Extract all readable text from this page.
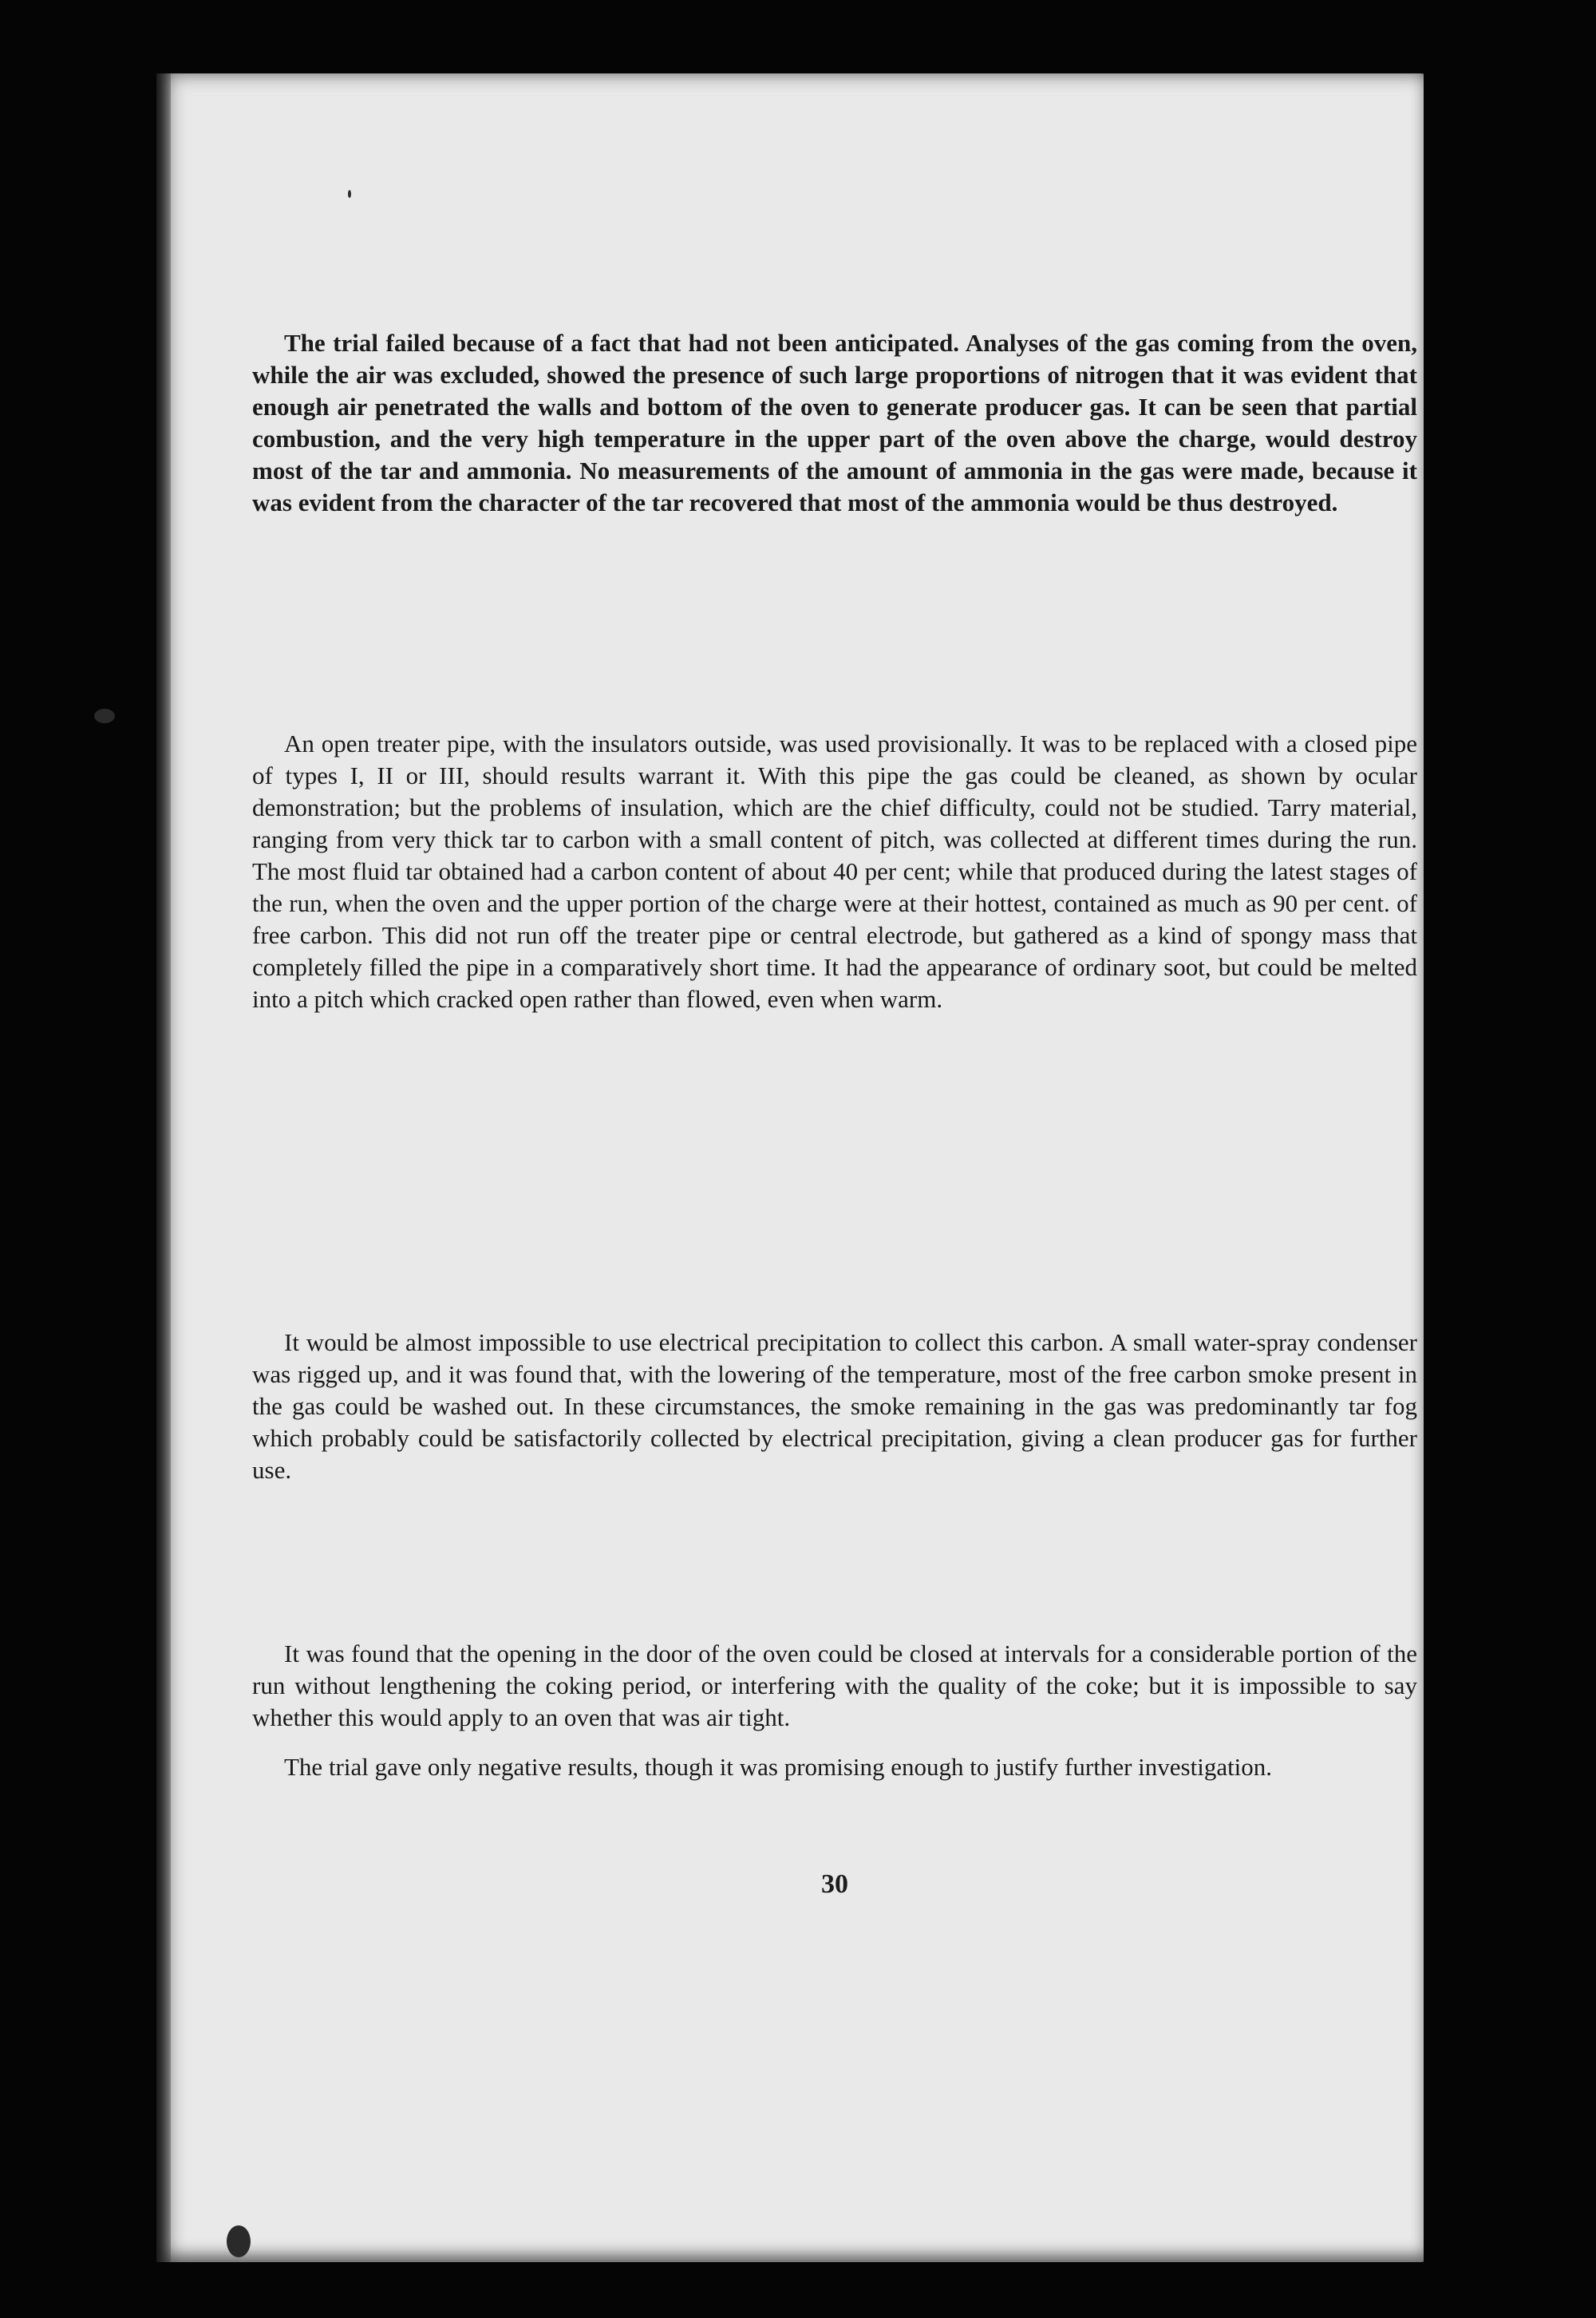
The trial failed because of a fact that had not been anticipated. Analyses of the gas coming from the oven, while the air was excluded, showed the presence of such large proportions of nitrogen that it was evident that enough air penetrated the walls and bottom of the oven to generate producer gas. It can be seen that partial combustion, and the very high temperature in the upper part of the oven above the charge, would destroy most of the tar and ammonia. No measurements of the amount of ammonia in the gas were made, because it was evident from the character of the tar recovered that most of the ammonia would be thus destroyed.

An open treater pipe, with the insulators outside, was used provisionally. It was to be replaced with a closed pipe of types I, II or III, should results warrant it. With this pipe the gas could be cleaned, as shown by ocular demonstration; but the problems of insulation, which are the chief difficulty, could not be studied. Tarry material, ranging from very thick tar to carbon with a small content of pitch, was collected at different times during the run. The most fluid tar obtained had a carbon content of about 40 per cent; while that produced during the latest stages of the run, when the oven and the upper portion of the charge were at their hottest, contained as much as 90 per cent. of free carbon. This did not run off the treater pipe or central electrode, but gathered as a kind of spongy mass that completely filled the pipe in a comparatively short time. It had the appearance of ordinary soot, but could be melted into a pitch which cracked open rather than flowed, even when warm.

It would be almost impossible to use electrical precipitation to collect this carbon. A small water-spray condenser was rigged up, and it was found that, with the lowering of the temperature, most of the free carbon smoke present in the gas could be washed out. In these circumstances, the smoke remaining in the gas was predominantly tar fog which probably could be satisfactorily collected by electrical precipitation, giving a clean producer gas for further use.

It was found that the opening in the door of the oven could be closed at intervals for a considerable portion of the run without lengthening the coking period, or interfering with the quality of the coke; but it is impossible to say whether this would apply to an oven that was air tight.

The trial gave only negative results, though it was promising enough to justify further investigation.

30
